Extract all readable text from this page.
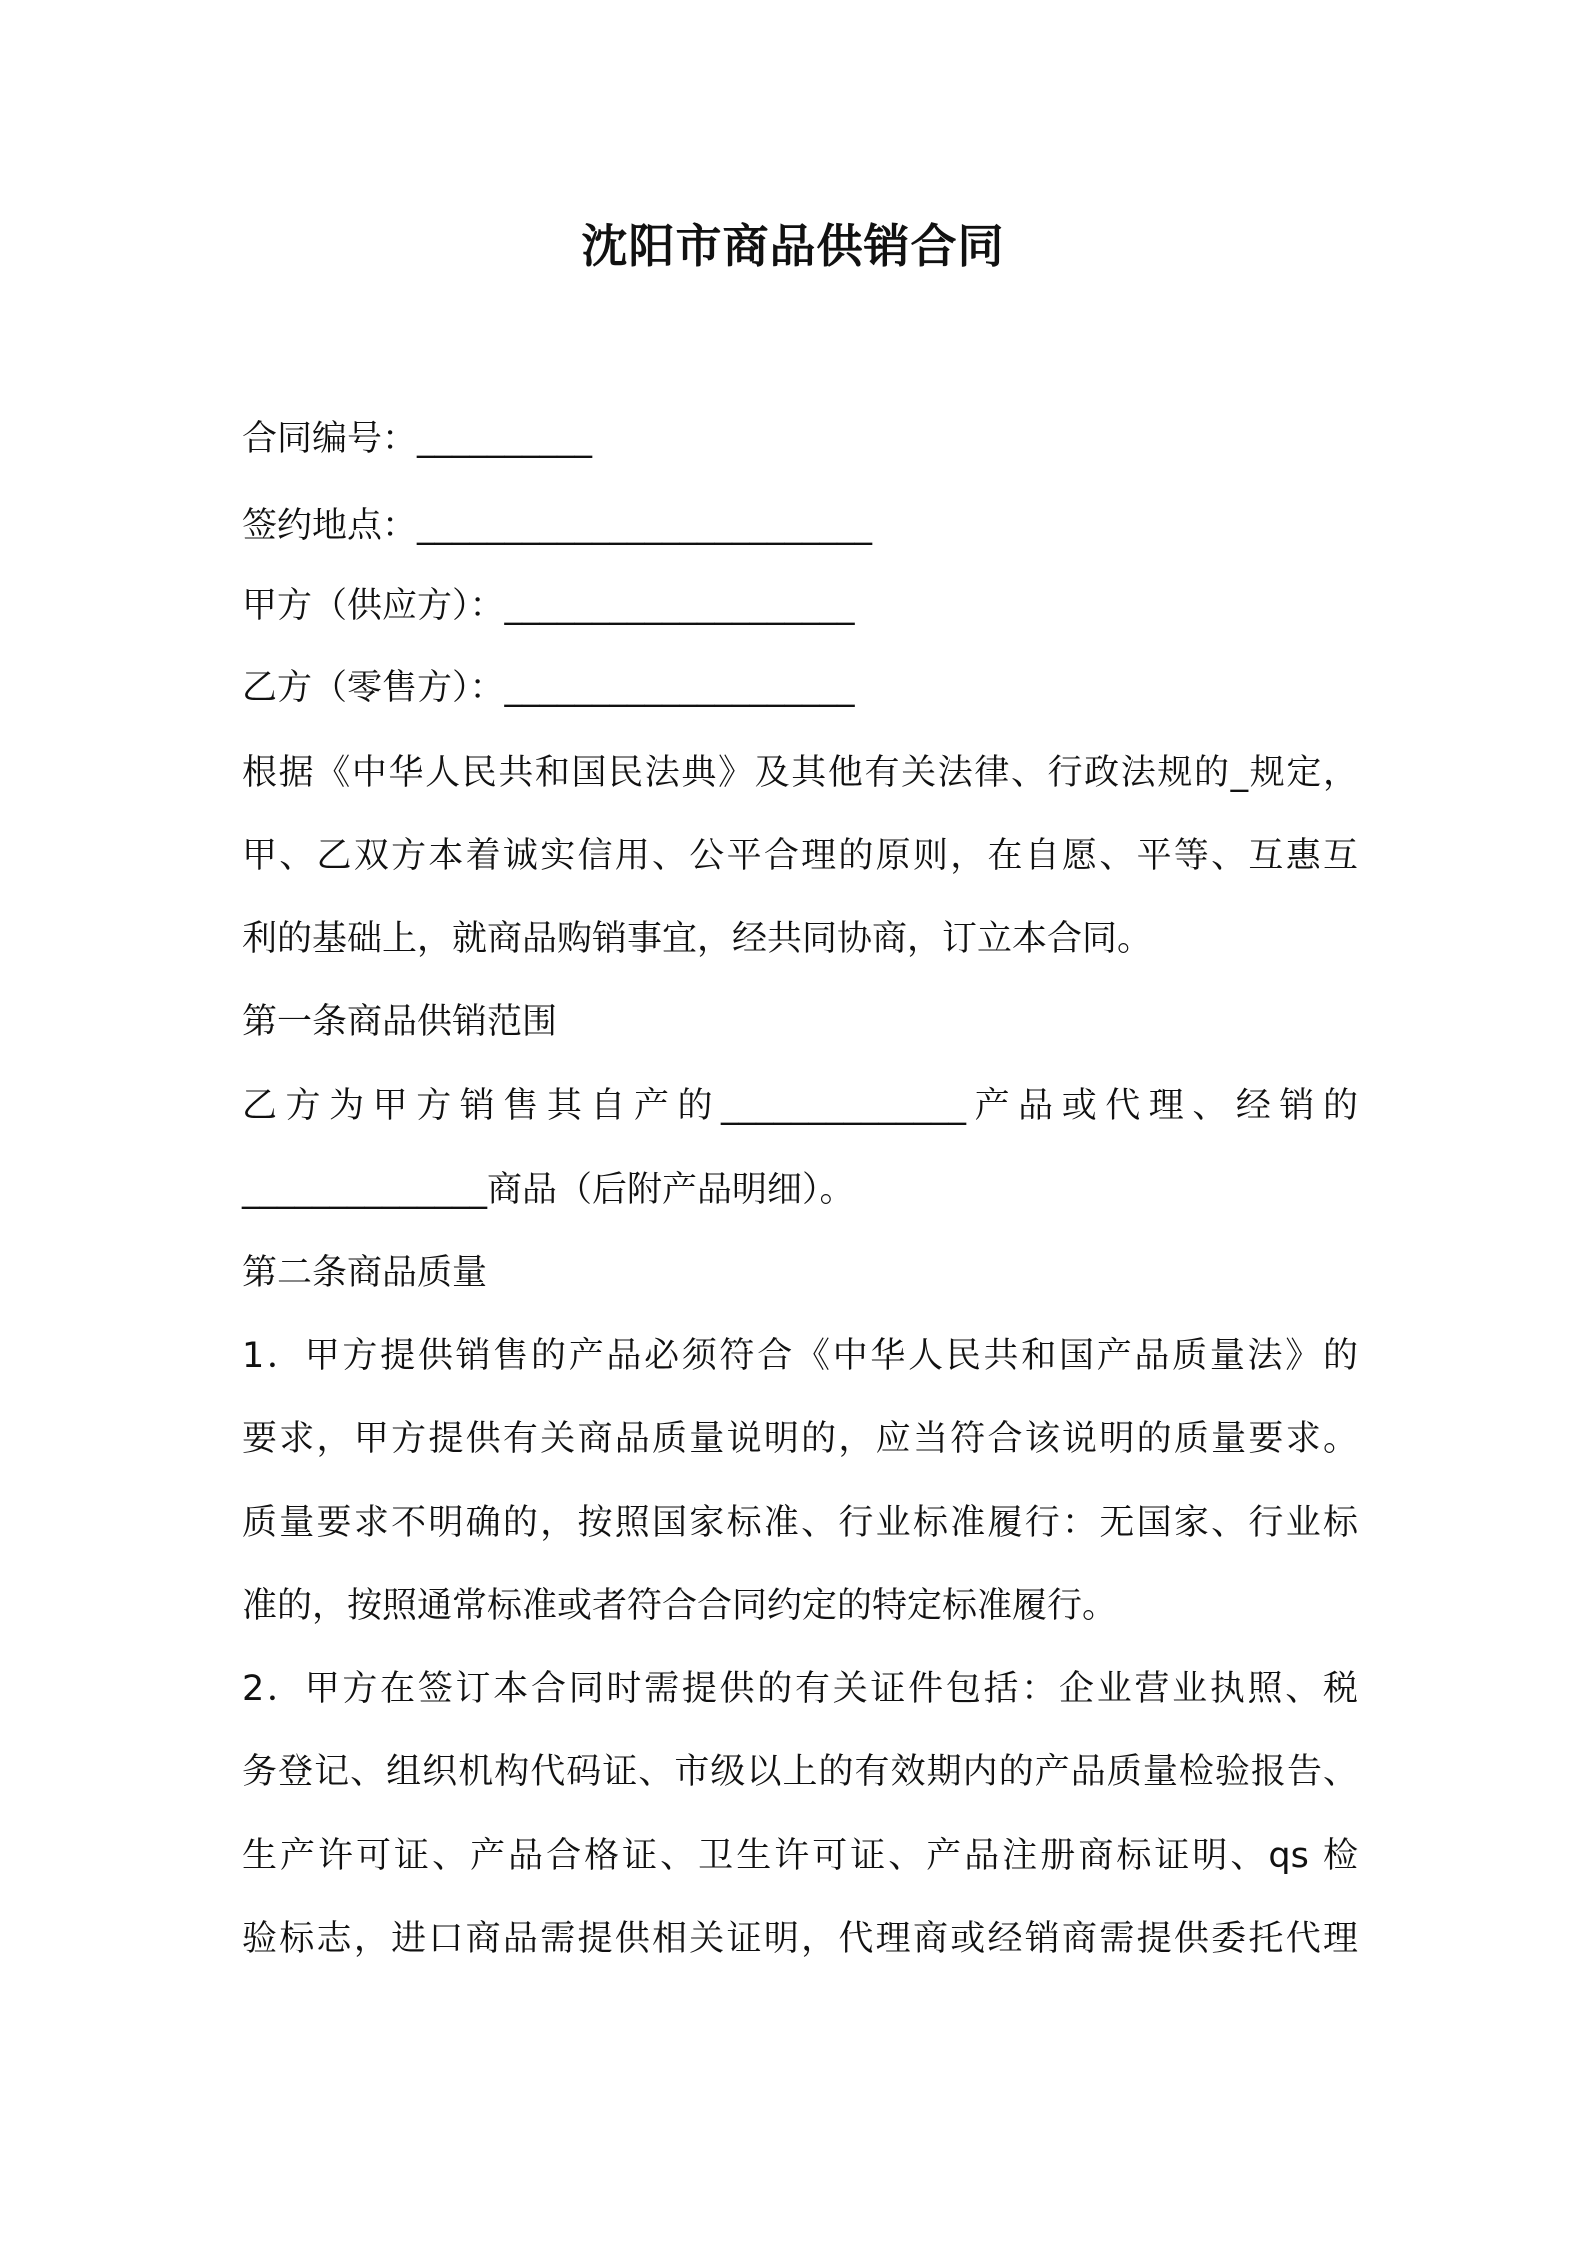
沈阳市商品供销合同
合同编号：__________
签约地点：__________________________
甲方（供应方）：____________________
乙方（零售方）：____________________
根据《中华人民共和国民法典》及其他有关法律、行政法规的_规定，
甲、乙双方本着诚实信用、公平合理的原则，在自愿、平等、互惠互
利的基础上，就商品购销事宜，经共同协商，订立本合同。
第一条商品供销范围
乙方为甲方销售其自产的______________产品或代理、经销的
______________商品（后附产品明细）。
第二条商品质量
1．甲方提供销售的产品必须符合《中华人民共和国产品质量法》的
要求，甲方提供有关商品质量说明的，应当符合该说明的质量要求。
质量要求不明确的，按照国家标准、行业标准履行：无国家、行业标
准的，按照通常标准或者符合合同约定的特定标准履行。
2．甲方在签订本合同时需提供的有关证件包括：企业营业执照、税
务登记、组织机构代码证、市级以上的有效期内的产品质量检验报告、
生产许可证、产品合格证、卫生许可证、产品注册商标证明、qs 检
验标志，进口商品需提供相关证明，代理商或经销商需提供委托代理
